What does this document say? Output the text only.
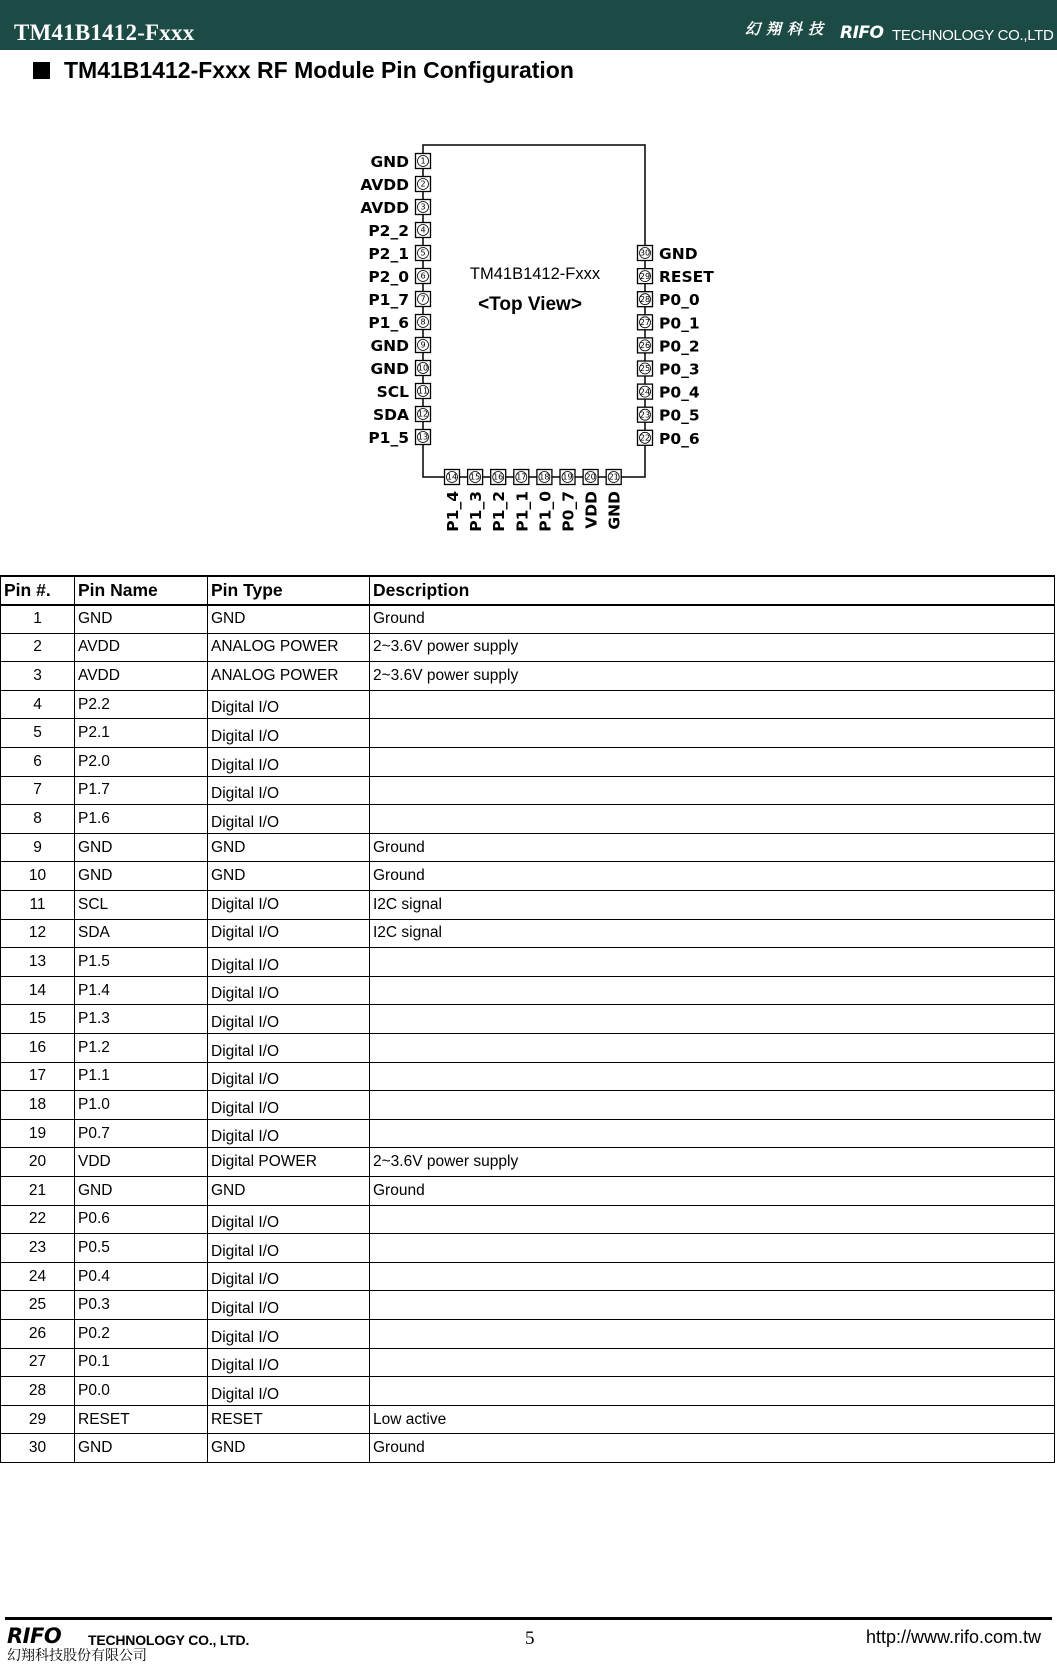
TM41B1412-Fxxx	幻翔科技 RIFO TECHNOLOGY CO.,LTD
TM41B1412-Fxxx RF Module Pin Configuration
TM41B1412-Fxxx
<Top View>
1
GND
2
AVDD
3
AVDD
4
P2_2
5
P2_1
6
P2_0
7
P1_7
8
P1_6
9
GND
10
GND
11
SCL
12
SDA
13
P1_5
30 GND
29 RESET
28 P0_0
27 P0_1
26 P0_2
25 P0_3
24 P0_4
23 P0_5
22 P0_6
14
P1_4
15
P1_3
16
P1_2
17
P1_1
18
P1_0
19
P0_7
20
VDD
21
GND
Pin #.	Pin Name	Pin Type	Description
1	GND	GND	Ground
2	AVDD	ANALOG POWER	2~3.6V power supply
3	AVDD	ANALOG POWER	2~3.6V power supply
4	P2.2	Digital I/O	
5	P2.1	Digital I/O	
6	P2.0	Digital I/O	
7	P1.7	Digital I/O	
8	P1.6	Digital I/O	
9	GND	GND	Ground
10	GND	GND	Ground
11	SCL	Digital I/O	I2C signal
12	SDA	Digital I/O	I2C signal
13	P1.5	Digital I/O	
14	P1.4	Digital I/O	
15	P1.3	Digital I/O	
16	P1.2	Digital I/O	
17	P1.1	Digital I/O	
18	P1.0	Digital I/O	
19	P0.7	Digital I/O	
20	VDD	Digital POWER	2~3.6V power supply
21	GND	GND	Ground
22	P0.6	Digital I/O	
23	P0.5	Digital I/O	
24	P0.4	Digital I/O	
25	P0.3	Digital I/O	
26	P0.2	Digital I/O	
27	P0.1	Digital I/O	
28	P0.0	Digital I/O	
29	RESET	RESET	Low active
30	GND	GND	Ground
RIFO TECHNOLOGY CO., LTD.
幻翔科技股份有限公司
5	http://www.rifo.com.tw
